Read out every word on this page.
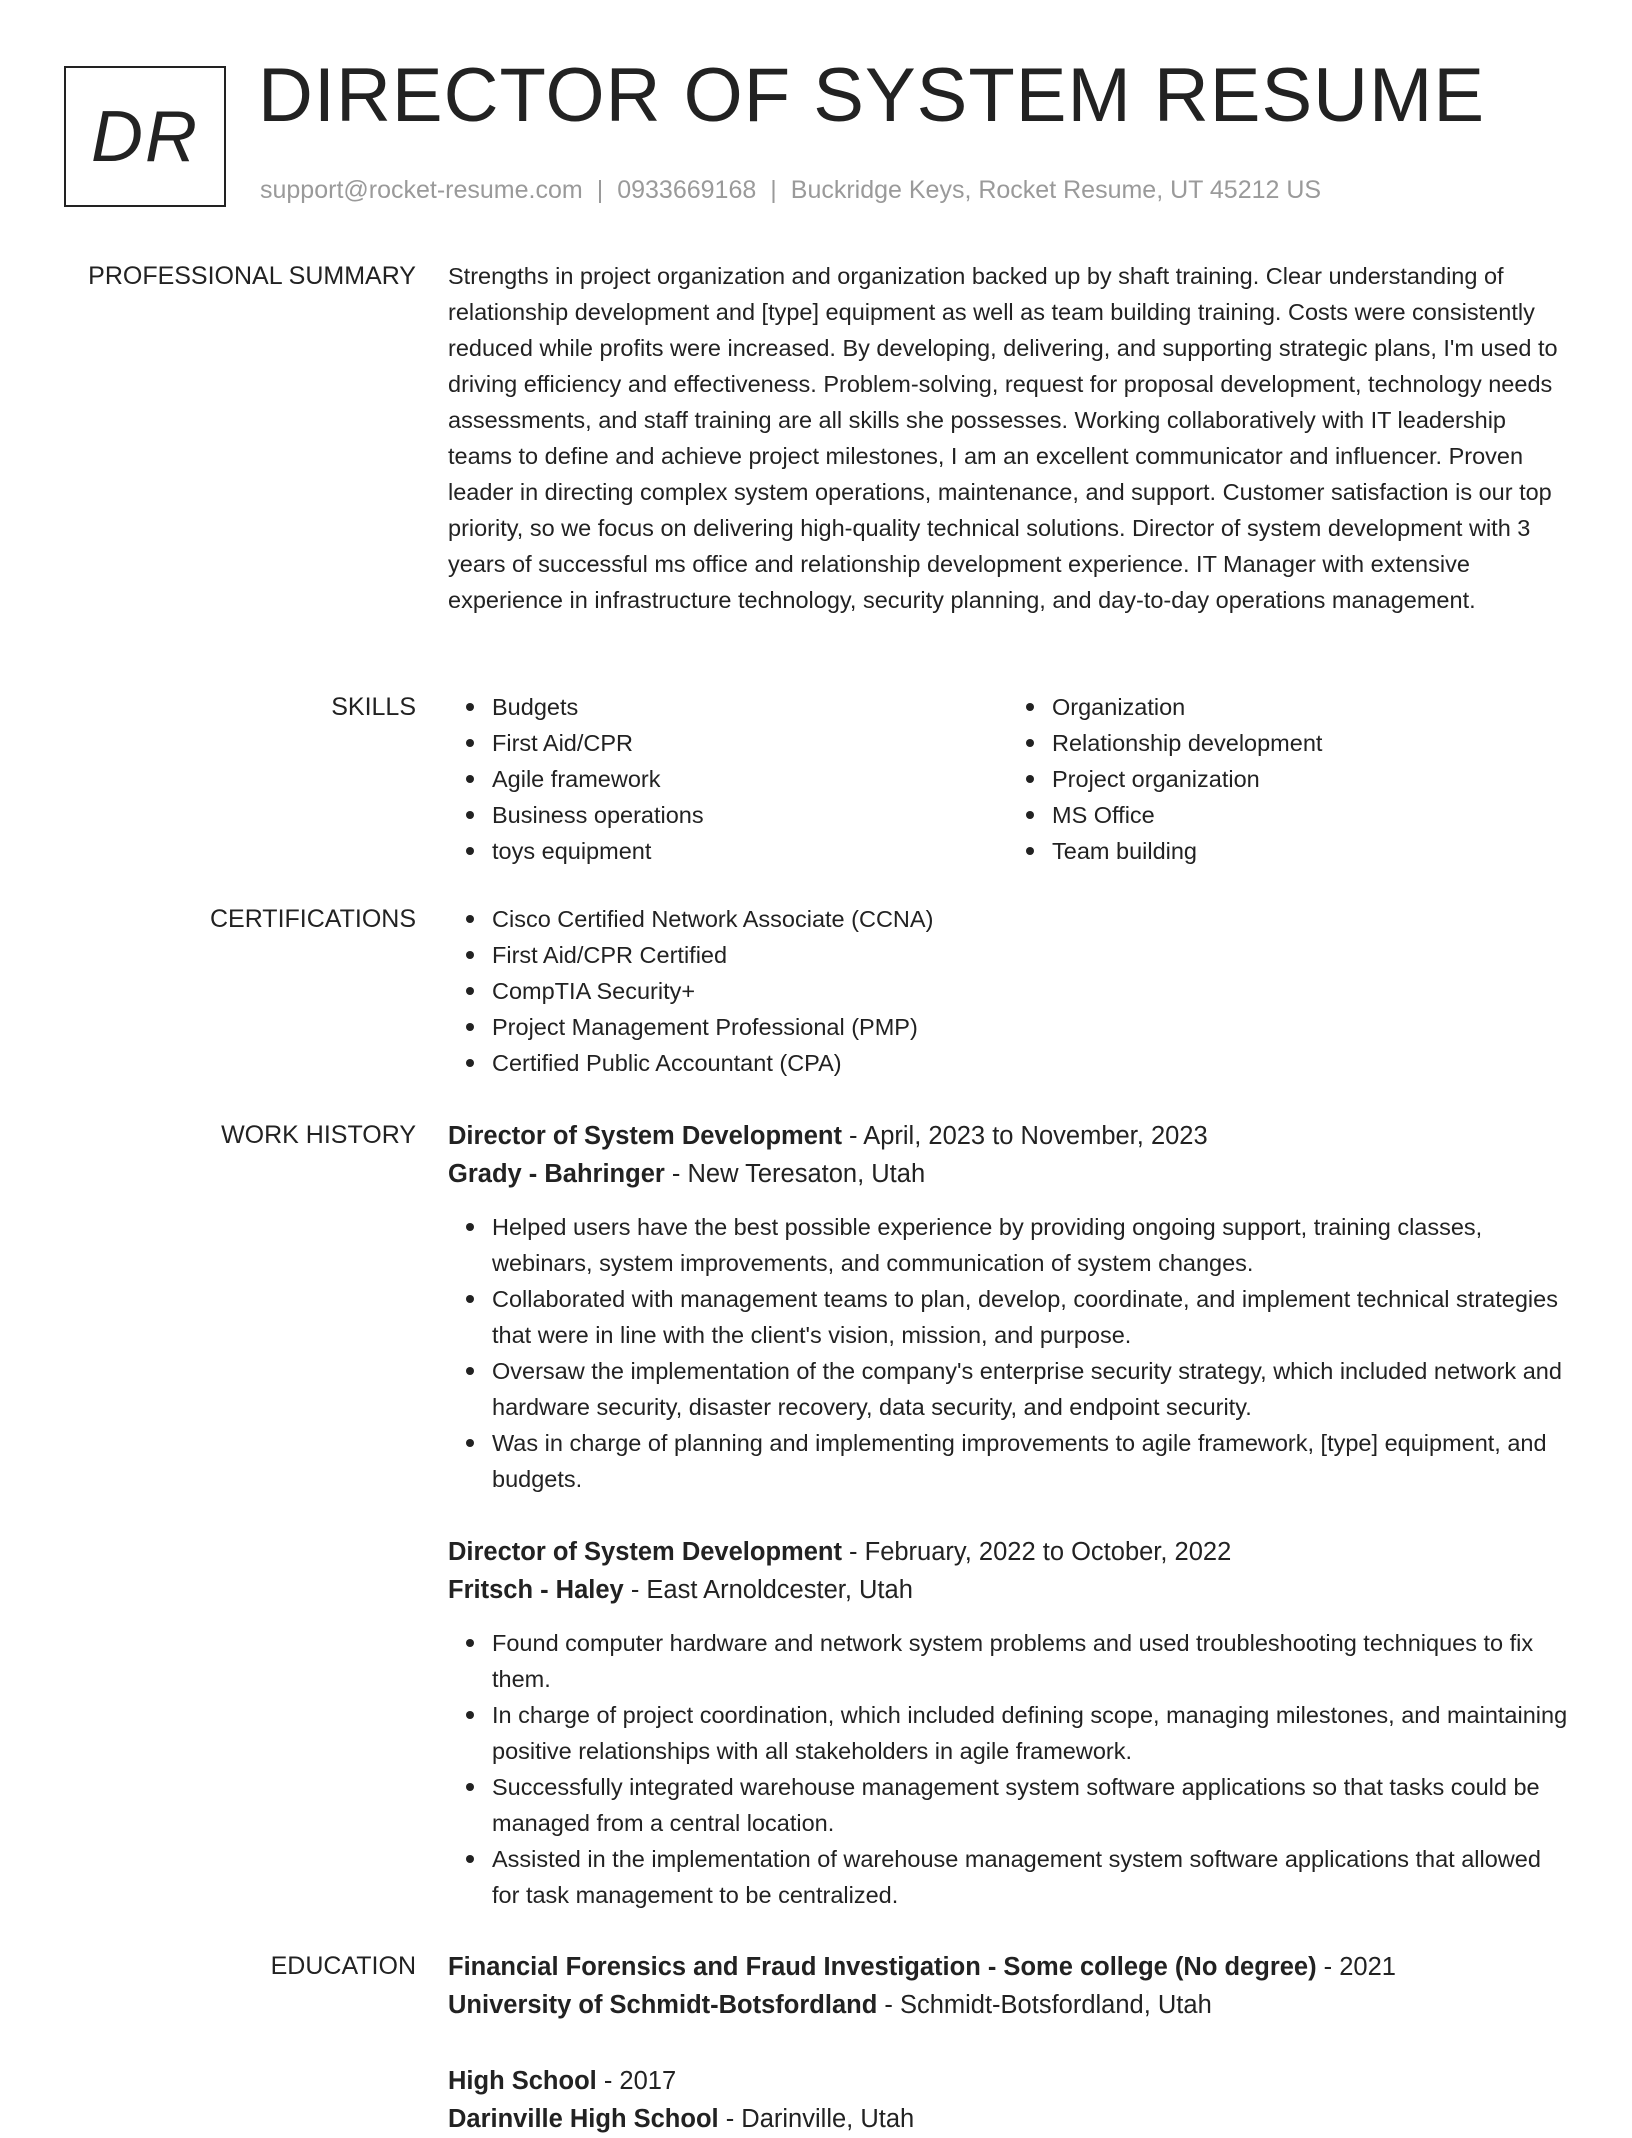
DR DIRECTOR OF SYSTEM RESUME
support@rocket-resume.com | 0933669168 | Buckridge Keys, Rocket Resume, UT 45212 US
PROFESSIONAL SUMMARY Strengths in project organization and organization backed up by shaft training. Clear understanding of relationship development and [type] equipment as well as team building training. Costs were consistently reduced while profits were increased. By developing, delivering, and supporting strategic plans, I'm used to driving efficiency and effectiveness. Problem-solving, request for proposal development, technology needs assessments, and staff training are all skills she possesses. Working collaboratively with IT leadership teams to define and achieve project milestones, I am an excellent communicator and influencer. Proven leader in directing complex system operations, maintenance, and support. Customer satisfaction is our top priority, so we focus on delivering high-quality technical solutions. Director of system development with 3 years of successful ms office and relationship development experience. IT Manager with extensive experience in infrastructure technology, security planning, and day-to-day operations management.

SKILLS	Budgets
First Aid/CPR
Agile framework
Business operations
toys equipment
Organization
Relationship development
Project organization
MS Office
Team building
CERTIFICATIONS	Cisco Certified Network Associate (CCNA)
First Aid/CPR Certified
CompTIA Security+
Project Management Professional (PMP)
Certified Public Accountant (CPA)
WORK HISTORY Director of System Development - April, 2023 to November, 2023
Grady - Bahringer - New Teresaton, Utah
Helped users have the best possible experience by providing ongoing support, training classes, webinars, system improvements, and communication of system changes.
Collaborated with management teams to plan, develop, coordinate, and implement technical strategies that were in line with the client's vision, mission, and purpose.
Oversaw the implementation of the company's enterprise security strategy, which included network and hardware security, disaster recovery, data security, and endpoint security.
Was in charge of planning and implementing improvements to agile framework, [type] equipment, and budgets.
Director of System Development - February, 2022 to October, 2022
Fritsch - Haley - East Arnoldcester, Utah
Found computer hardware and network system problems and used troubleshooting techniques to fix them.
In charge of project coordination, which included defining scope, managing milestones, and maintaining positive relationships with all stakeholders in agile framework.
Successfully integrated warehouse management system software applications so that tasks could be managed from a central location.
Assisted in the implementation of warehouse management system software applications that allowed for task management to be centralized.
EDUCATION Financial Forensics and Fraud Investigation - Some college (No degree) - 2021
University of Schmidt-Botsfordland - Schmidt-Botsfordland, Utah
High School - 2017
Darinville High School - Darinville, Utah
